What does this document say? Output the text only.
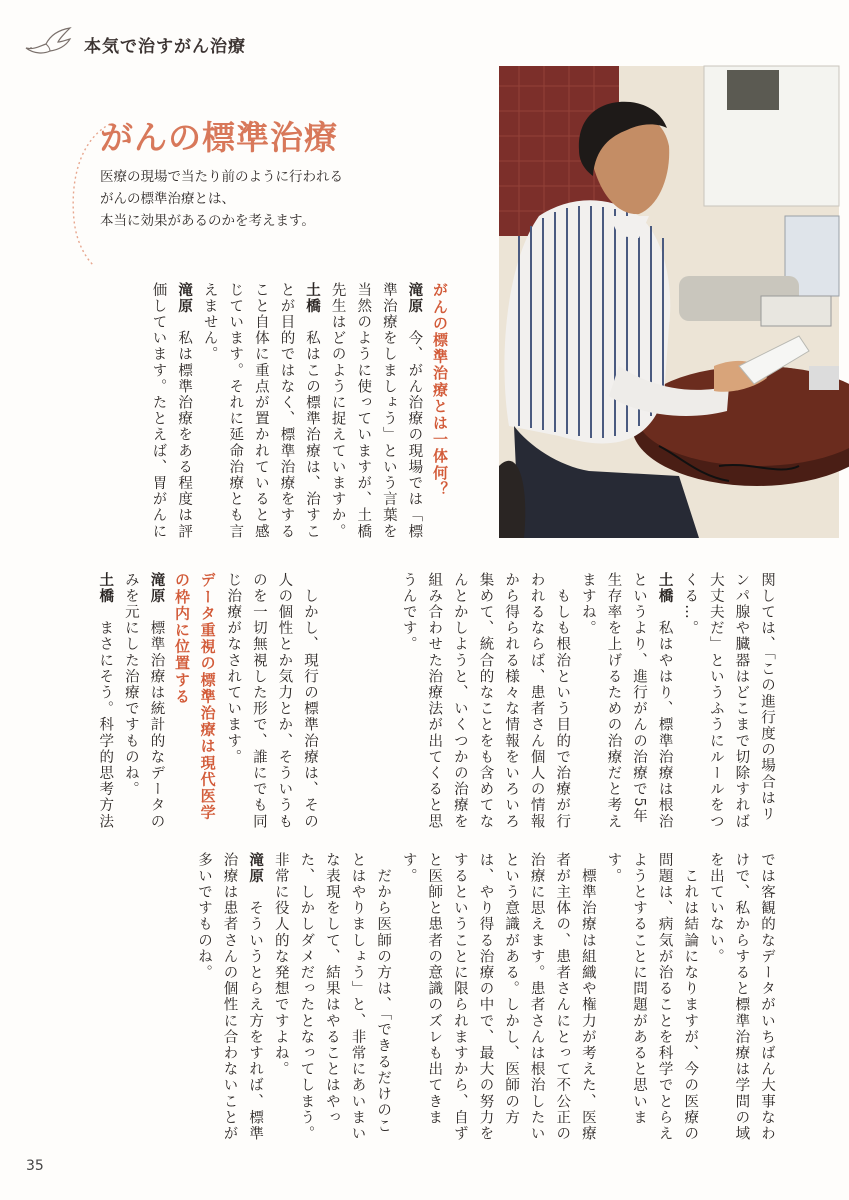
本気で治すがん治療
がんの標準治療
医療の現場で当たり前のように行われる
がんの標準治療とは、
本当に効果があるのかを考えます。
関しては、「この進行度の場合はリンパ腺や臓器はどこまで切除すれば大丈夫だ」というふうにルールをつくる…。
土橋　私はやはり、標準治療は根治というより、進行がんの治療で5年生存率を上げるための治療だと考えますね。
　もしも根治という目的で治療が行われるならば、患者さん個人の情報から得られる様々な情報をいろいろ集めて、統合的なことをも含めてなんとかしようと、いくつかの治療を組み合わせた治療法が出てくると思うんです。
では客観的なデータがいちばん大事なわけで、私からすると標準治療は学問の域を出ていない。
　これは結論になりますが、今の医療の問題は、病気が治ることを科学でとらえようとすることに問題があると思います。
　標準治療は組織や権力が考えた、医療者が主体の、患者さんにとって不公正の治療に思えます。患者さんは根治したいという意識がある。しかし、医師の方は、やり得る治療の中で、最大の努力をするということに限られますから、自ずと医師と患者の意識のズレも出てきます。
　だから医師の方は、「できるだけのことはやりましょう」と、非常にあいまいな表現をして、結果はやることはやった、しかしダメだったとなってしまう。非常に役人的な発想ですよね。
滝原　そういうとらえ方をすれば、標準治療は患者さんの個性に合わないことが多いですものね。
がんの標準治療とは一体何？
滝原　今、がん治療の現場では「標準治療をしましょう」という言葉を当然のように使っていますが、土橋先生はどのように捉えていますか。
土橋　私はこの標準治療は、治すことが目的ではなく、標準治療をすること自体に重点が置かれていると感じています。それに延命治療とも言えません。
滝原　私は標準治療をある程度は評価しています。たとえば、胃がんに
　しかし、現行の標準治療は、その人の個性とか気力とか、そういうものを一切無視した形で、誰にでも同じ治療がなされています。
データ重視の標準治療は現代医学の枠内に位置する
滝原　標準治療は統計的なデータのみを元にした治療ですものね。
土橋　まさにそう。科学的思考方法
35
